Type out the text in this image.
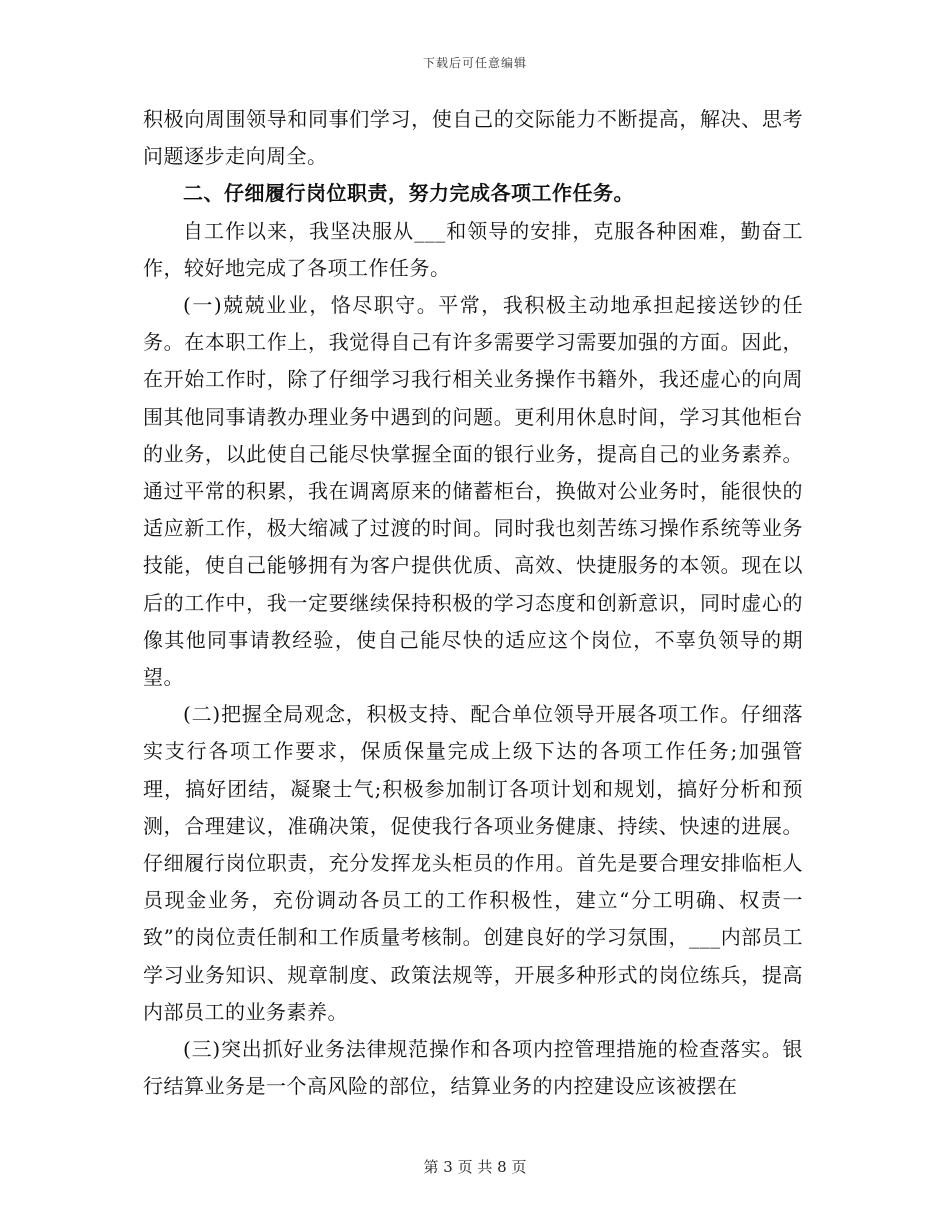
下载后可任意编辑

积极向周围领导和同事们学习，使自己的交际能力不断提高，解决、思考问题逐步走向周全。

二、仔细履行岗位职责，努力完成各项工作任务。

自工作以来，我坚决服从___和领导的安排，克服各种困难，勤奋工作，较好地完成了各项工作任务。

(一)兢兢业业，恪尽职守。平常，我积极主动地承担起接送钞的任务。在本职工作上，我觉得自己有许多需要学习需要加强的方面。因此，在开始工作时，除了仔细学习我行相关业务操作书籍外，我还虚心的向周围其他同事请教办理业务中遇到的问题。更利用休息时间，学习其他柜台的业务，以此使自己能尽快掌握全面的银行业务，提高自己的业务素养。通过平常的积累，我在调离原来的储蓄柜台，换做对公业务时，能很快的适应新工作，极大缩减了过渡的时间。同时我也刻苦练习操作系统等业务技能，使自己能够拥有为客户提供优质、高效、快捷服务的本领。现在以后的工作中，我一定要继续保持积极的学习态度和创新意识，同时虚心的像其他同事请教经验，使自己能尽快的适应这个岗位，不辜负领导的期望。

(二)把握全局观念，积极支持、配合单位领导开展各项工作。仔细落实支行各项工作要求，保质保量完成上级下达的各项工作任务;加强管理，搞好团结，凝聚士气;积极参加制订各项计划和规划，搞好分析和预测，合理建议，准确决策，促使我行各项业务健康、持续、快速的进展。仔细履行岗位职责，充分发挥龙头柜员的作用。首先是要合理安排临柜人员现金业务，充份调动各员工的工作积极性，建立“分工明确、权责一致”的岗位责任制和工作质量考核制。创建良好的学习氛围，___内部员工学习业务知识、规章制度、政策法规等，开展多种形式的岗位练兵，提高内部员工的业务素养。

(三)突出抓好业务法律规范操作和各项内控管理措施的检查落实。银行结算业务是一个高风险的部位，结算业务的内控建设应该被摆在

第 3 页 共 8 页
